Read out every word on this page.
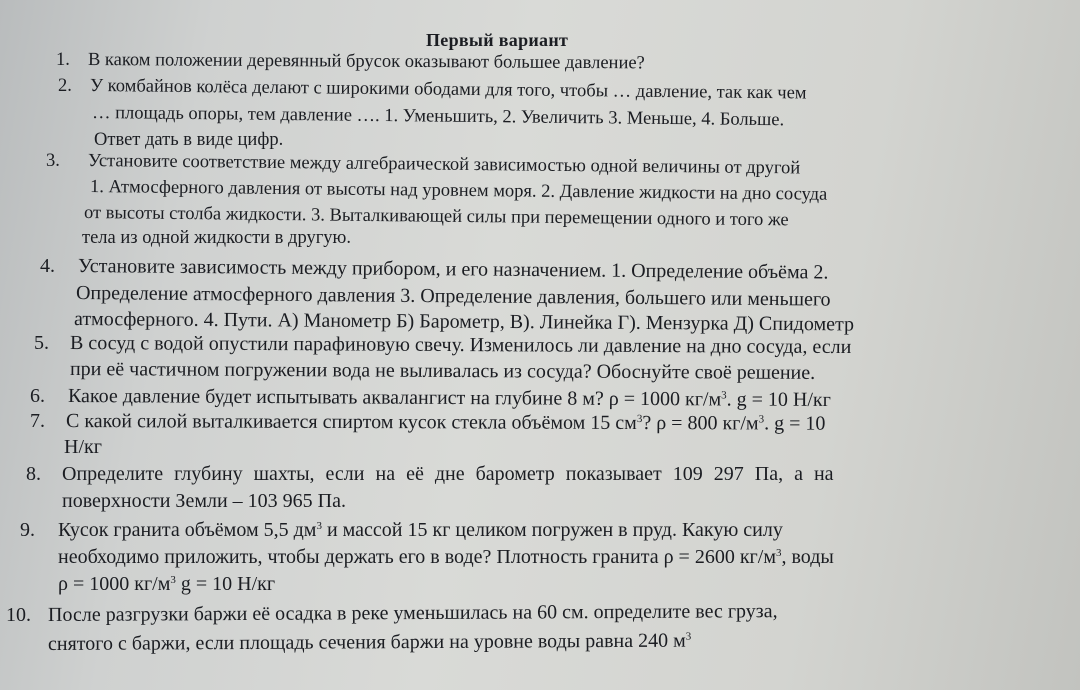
Первый вариант
1. В каком положении деревянный брусок оказывают большее давление?
2. У комбайнов колёса делают с широкими ободами для того, чтобы … давление, так как чем
… площадь опоры, тем давление …. 1. Уменьшить, 2. Увеличить 3. Меньше, 4. Больше.
Ответ дать в виде цифр.
3. Установите соответствие между алгебраической зависимостью одной величины от другой
1. Атмосферного давления от высоты над уровнем моря. 2. Давление жидкости на дно сосуда
от высоты столба жидкости. 3. Выталкивающей силы при перемещении одного и того же
тела из одной жидкости в другую.
4. Установите зависимость между прибором, и его назначением. 1. Определение объёма 2.
Определение атмосферного давления 3. Определение давления, большего или меньшего
атмосферного. 4. Пути. А) Манометр Б) Барометр, В). Линейка Г). Мензурка Д) Спидометр
5. В сосуд с водой опустили парафиновую свечу. Изменилось ли давление на дно сосуда, если
при её частичном погружении вода не выливалась из сосуда? Обоснуйте своё решение.
6. Какое давление будет испытывать аквалангист на глубине 8 м? ρ = 1000 $кг/м^3$. g = 10 Н/кг
7. С какой силой выталкивается спиртом кусок стекла объёмом 15 $см^3$? ρ = 800 $кг/м^3$. g = 10
Н/кг
8. Определите глубину шахты, если на её дне барометр показывает 109 297 Па, а на
поверхности Земли – 103 965 Па.
9. Кусок гранита объёмом 5,5 $дм^3$ и массой 15 кг целиком погружен в пруд. Какую силу
необходимо приложить, чтобы держать его в воде? Плотность гранита ρ = 2600 $кг/м^3$, воды
ρ = 1000 $кг/м^3$ g = 10 Н/кг
10. После разгрузки баржи её осадка в реке уменьшилась на 60 см. определите вес груза,
снятого с баржи, если площадь сечения баржи на уровне воды равна 240 $м^3$
